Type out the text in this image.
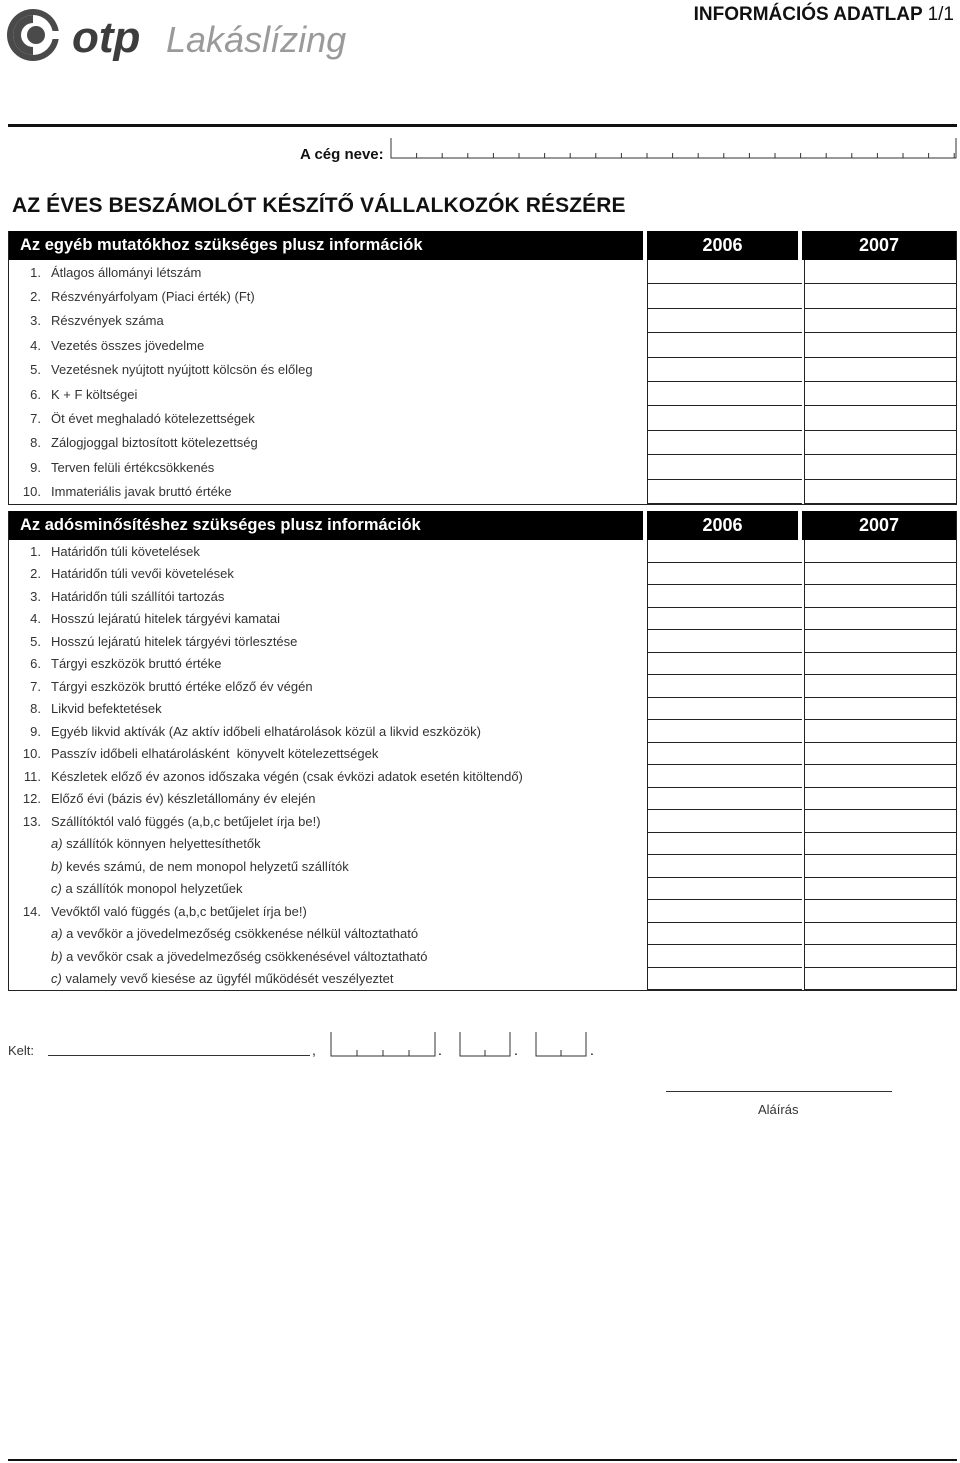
otp Lakáslízing
INFORMÁCIÓS ADATLAP 1/1
A cég neve:
AZ ÉVES BESZÁMOLÓT KÉSZÍTŐ VÁLLALKOZÓK RÉSZÉRE
Az egyéb mutatókhoz szükséges plusz információk	2006	2007
1. Átlagos állományi létszám
2. Részvényárfolyam (Piaci érték) (Ft)
3. Részvények száma
4. Vezetés összes jövedelme
5. Vezetésnek nyújtott nyújtott kölcsön és előleg
6. K + F költségei
7. Öt évet meghaladó kötelezettségek
8. Zálogjoggal biztosított kötelezettség
9. Terven felüli értékcsökkenés
10. Immateriális javak bruttó értéke
Az adósminősítéshez szükséges plusz információk	2006	2007
1. Határidőn túli követelések
2. Határidőn túli vevői követelések
3. Határidőn túli szállítói tartozás
4. Hosszú lejáratú hitelek tárgyévi kamatai
5. Hosszú lejáratú hitelek tárgyévi törlesztése
6. Tárgyi eszközök bruttó értéke
7. Tárgyi eszközök bruttó értéke előző év végén
8. Likvid befektetések
9. Egyéb likvid aktívák (Az aktív időbeli elhatárolások közül a likvid eszközök)
10. Passzív időbeli elhatárolásként  könyvelt kötelezettségek
11. Készletek előző év azonos időszaka végén (csak évközi adatok esetén kitöltendő)
12. Előző évi (bázis év) készletállomány év elején
13. Szállítóktól való függés (a,b,c betűjelet írja be!)
a) szállítók könnyen helyettesíthetők
b) kevés számú, de nem monopol helyzetű szállítók
c) a szállítók monopol helyzetűek
14. Vevőktől való függés (a,b,c betűjelet írja be!)
a) a vevőkör a jövedelmezőség csökkenése nélkül változtatható
b) a vevőkör csak a jövedelmezőség csökkenésével változtatható
c) valamely vevő kiesése az ügyfél működését veszélyeztet
Kelt:	,	.	.	.
Aláírás
